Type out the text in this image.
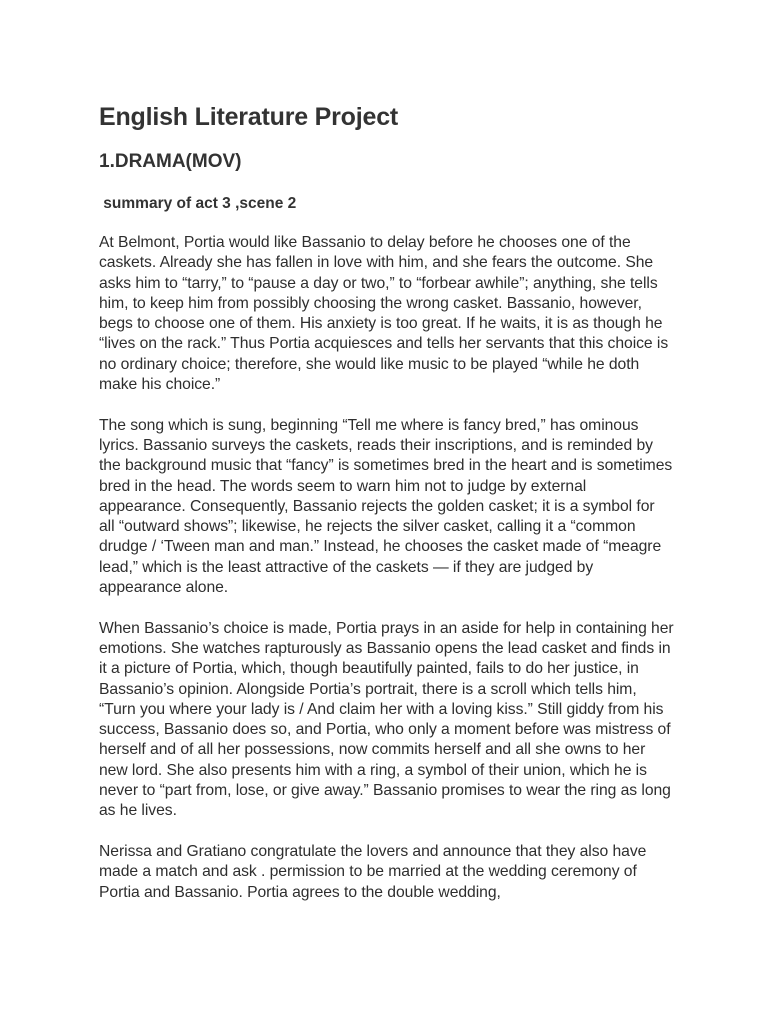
English Literature Project
1.DRAMA(MOV)
summary of act 3 ,scene 2

At Belmont, Portia would like Bassanio to delay before he chooses one of the caskets. Already she has fallen in love with him, and she fears the outcome. She asks him to “tarry,” to “pause a day or two,” to “forbear awhile”; anything, she tells him, to keep him from possibly choosing the wrong casket. Bassanio, however, begs to choose one of them. His anxiety is too great. If he waits, it is as though he “lives on the rack.” Thus Portia acquiesces and tells her servants that this choice is no ordinary choice; therefore, she would like music to be played “while he doth make his choice.”

The song which is sung, beginning “Tell me where is fancy bred,” has ominous lyrics. Bassanio surveys the caskets, reads their inscriptions, and is reminded by the background music that “fancy” is sometimes bred in the heart and is sometimes bred in the head. The words seem to warn him not to judge by external appearance. Consequently, Bassanio rejects the golden casket; it is a symbol for all “outward shows”; likewise, he rejects the silver casket, calling it a “common drudge / ‘Tween man and man.” Instead, he chooses the casket made of “meagre lead,” which is the least attractive of the caskets — if they are judged by appearance alone.

When Bassanio’s choice is made, Portia prays in an aside for help in containing her emotions. She watches rapturously as Bassanio opens the lead casket and finds in it a picture of Portia, which, though beautifully painted, fails to do her justice, in Bassanio’s opinion. Alongside Portia’s portrait, there is a scroll which tells him, “Turn you where your lady is / And claim her with a loving kiss.” Still giddy from his success, Bassanio does so, and Portia, who only a moment before was mistress of herself and of all her possessions, now commits herself and all she owns to her new lord. She also presents him with a ring, a symbol of their union, which he is never to “part from, lose, or give away.” Bassanio promises to wear the ring as long as he lives.

Nerissa and Gratiano congratulate the lovers and announce that they also have made a match and ask . permission to be married at the wedding ceremony of Portia and Bassanio. Portia agrees to the double wedding,
